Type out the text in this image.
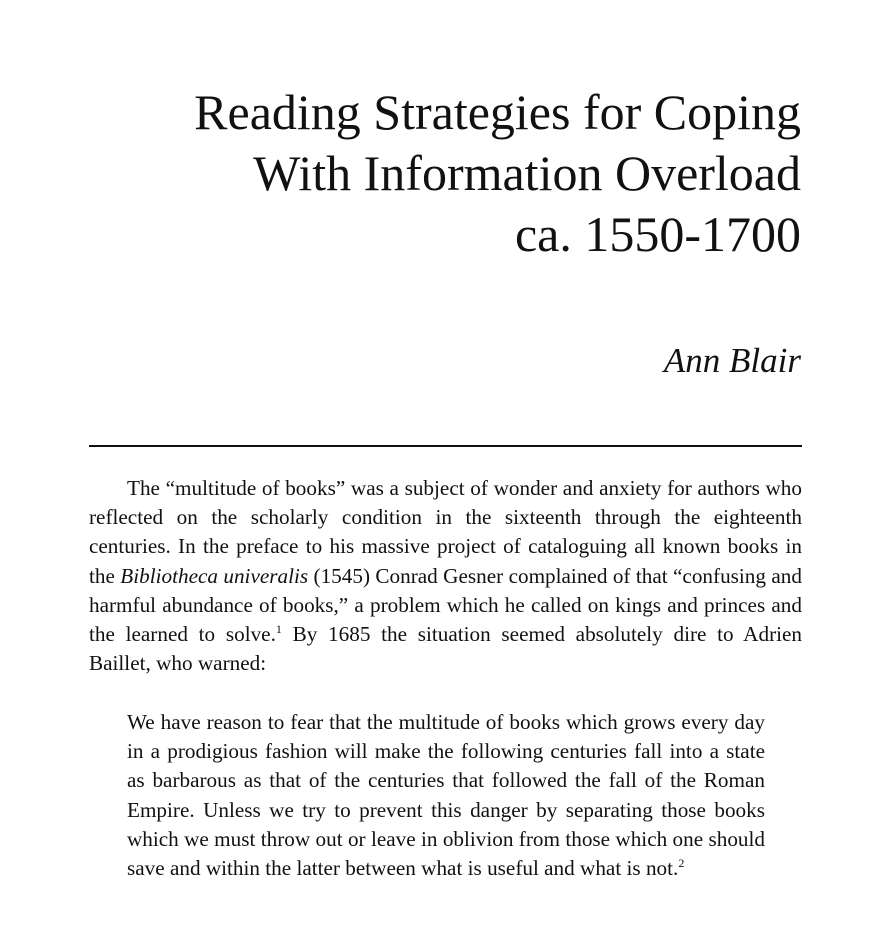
Reading Strategies for Coping
With Information Overload
ca. 1550-1700
Ann Blair

The “multitude of books” was a subject of wonder and anxiety for authors who reflected on the scholarly condition in the sixteenth through the eighteenth centuries. In the preface to his massive project of cataloguing all known books in the Bibliotheca univeralis (1545) Conrad Gesner complained of that “confusing and harmful abundance of books,” a problem which he called on kings and princes and the learned to solve.$^1$ By 1685 the situation seemed absolutely dire to Adrien Baillet, who warned:

We have reason to fear that the multitude of books which grows every day in a prodigious fashion will make the following centuries fall into a state as barbarous as that of the centuries that followed the fall of the Roman Empire. Unless we try to prevent this danger by separating those books which we must throw out or leave in oblivion from those which one should save and within the latter between what is useful and what is not.$^2$
